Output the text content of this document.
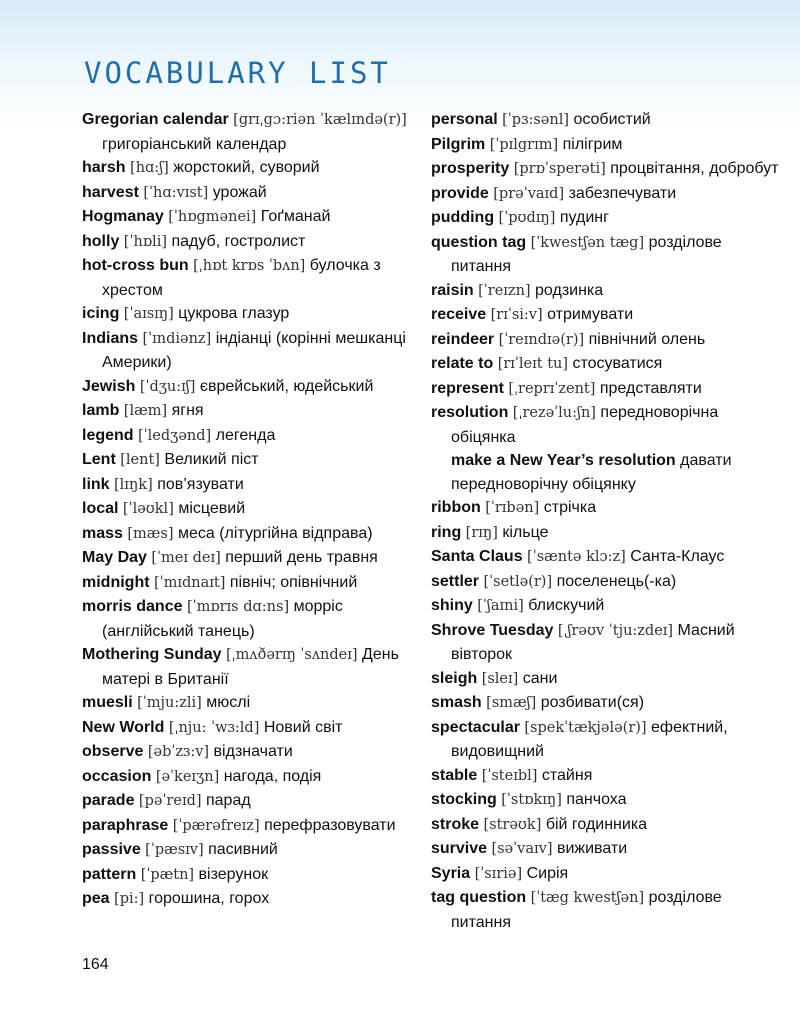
VOCABULARY LIST
Gregorian calendar [grɪˌgɔ:riən ˈkælɪndə(r)] григоріанський календар
harsh [hɑ:ʃ] жорстокий, суворий
harvest [ˈhɑ:vɪst] урожай
Hogmanay [ˈhɒgmənei] Гоґманай
holly [ˈhɒli] падуб, гостролист
hot-cross bun [ˌhɒt krɒs ˈbʌn] булочка з хрестом
icing [ˈaɪsɪŋ] цукрова глазур
Indians [ˈɪndiənz] індіанці (корінні мешканці Америки)
Jewish [ˈdʒu:ɪʃ] єврейський, юдейський
lamb [læm] ягня
legend [ˈledʒənd] легенда
Lent [lent] Великий піст
link [lɪŋk] пов’язувати
local [ˈləʊkl] місцевий
mass [mæs] меса (літургійна відправа)
May Day [ˈmeɪ deɪ] перший день травня
midnight [ˈmɪdnaɪt] північ; опівнічний
morris dance [ˈmɒrɪs dɑ:ns] морріс (англійський танець)
Mothering Sunday [ˌmʌðərɪŋ ˈsʌndeɪ] День матері в Британії
muesli [ˈmju:zli] мюслі
New World [ˌnju: ˈwɜ:ld] Новий світ
observe [əbˈzɜ:v] відзначати
occasion [əˈkeɪʒn] нагода, подія
parade [pəˈreɪd] парад
paraphrase [ˈpærəfreɪz] перефразовувати
passive [ˈpæsɪv] пасивний
pattern [ˈpætn] візерунок
pea [pi:] горошина, горох
personal [ˈpɜ:sənl] особистий
Pilgrim [ˈpɪlgrɪm] пілігрим
prosperity [prɒˈsperəti] процвітання, добробут
provide [prəˈvaɪd] забезпечувати
pudding [ˈpʊdɪŋ] пудинг
question tag [ˈkwestʃən tæg] розділове питання
raisin [ˈreɪzn] родзинка
receive [rɪˈsi:v] отримувати
reindeer [ˈreɪndɪə(r)] північний олень
relate to [rɪˈleɪt tu] стосуватися
represent [ˌreprɪˈzent] представляти
resolution [ˌrezəˈlu:ʃn] передноворічна обіцянка
make a New Year’s resolution давати передноворічну обіцянку
ribbon [ˈrɪbən] стрічка
ring [rɪŋ] кільце
Santa Claus [ˈsæntə klɔ:z] Санта-Клаус
settler [ˈsetlə(r)] поселенець(-ка)
shiny [ˈʃaɪni] блискучий
Shrove Tuesday [ˌʃrəʊv ˈtju:zdeɪ] Масний вівторок
sleigh [sleɪ] сани
smash [smæʃ] розбивати(ся)
spectacular [spekˈtækjələ(r)] ефектний, видовищний
stable [ˈsteɪbl] стайня
stocking [ˈstɒkɪŋ] панчоха
stroke [strəʊk] бій годинника
survive [səˈvaɪv] виживати
Syria [ˈsɪriə] Сирія
tag question [ˈtæg kwestʃən] розділове питання
164
